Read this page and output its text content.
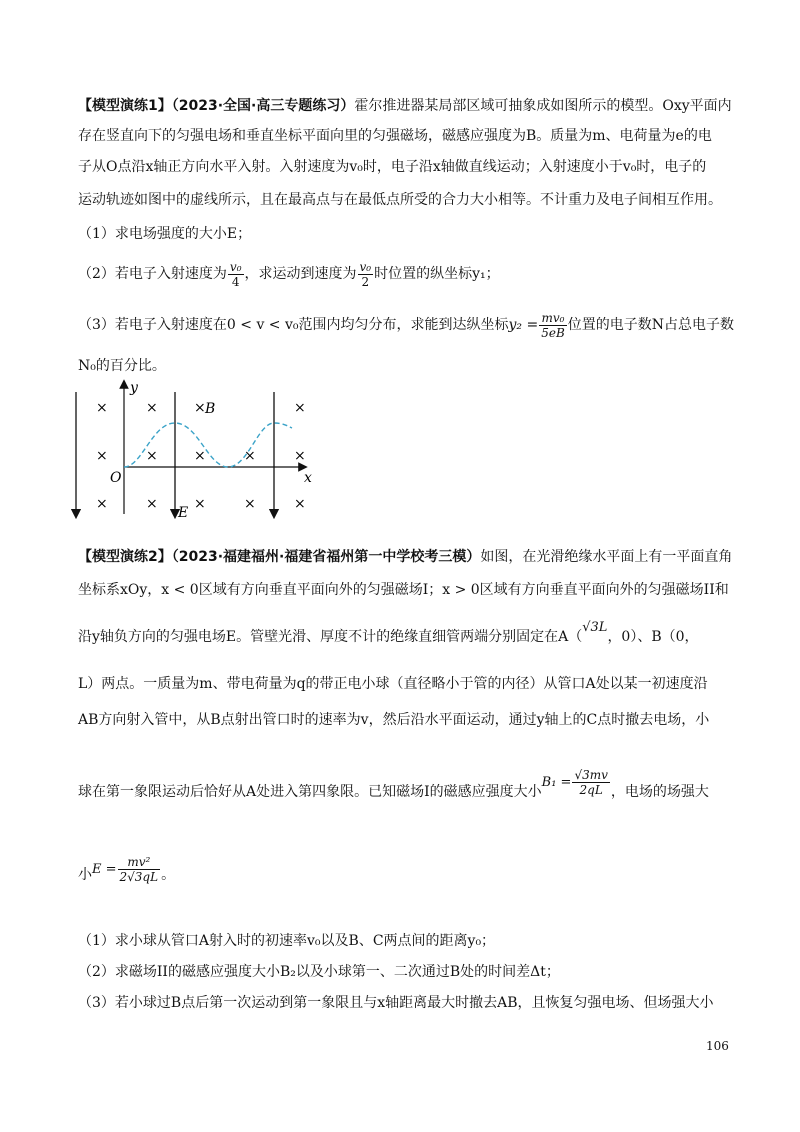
【模型演练1】（2023·全国·高三专题练习）霍尔推进器某局部区域可抽象成如图所示的模型。Oxy平面内
存在竖直向下的匀强电场和垂直坐标平面向里的匀强磁场，磁感应强度为B。质量为m、电荷量为e的电
子从O点沿x轴正方向水平入射。入射速度为v₀时，电子沿x轴做直线运动；入射速度小于v₀时，电子的
运动轨迹如图中的虚线所示，且在最高点与在最低点所受的合力大小相等。不计重力及电子间相互作用。
（1）求电场强度的大小E；
（2）若电子入射速度为 $\frac{\text{v₀}}{4}$ ，求运动到速度为 $\frac{\text{v₀}}{2}$ 时位置的纵坐标y₁；
（3）若电子入射速度在0 < v < v₀范围内均匀分布，求能到达纵坐标$y_2 = \frac{\text{mv₀}}{5eB}$ 位置的电子数N占总电子数
N₀的百分比。
×	×	×	×
×	×	×	×	×
×	×	×	×	×
y
x
O
B
E
【模型演练2】（2023·福建福州·福建省福州第一中学校考三模）如图，在光滑绝缘水平面上有一平面直角
坐标系xOy，x < 0区域有方向垂直平面向外的匀强磁场I；x > 0区域有方向垂直平面向外的匀强磁场II和
沿y轴负方向的匀强电场E。管壁光滑、厚度不计的绝缘直细管两端分别固定在A（√3L，0）、B（0，
L）两点。一质量为m、带电荷量为q的带正电小球（直径略小于管的内径）从管口A处以某一初速度沿
AB方向射入管中，从B点射出管口时的速率为v，然后沿水平面运动，通过y轴上的C点时撤去电场，小
球在第一象限运动后恰好从A处进入第四象限。已知磁场I的磁感应强度大小$B_1 = \frac{√3mv}{2qL}$ ，电场的场强大
小$E = \frac{\text{mv²}}{2√3qL}$ 。
（1）求小球从管口A射入时的初速率v₀以及B、C两点间的距离y₀；
（2）求磁场II的磁感应强度大小B₂以及小球第一、二次通过B处的时间差Δt；
（3）若小球过B点后第一次运动到第一象限且与x轴距离最大时撤去AB，且恢复匀强电场、但场强大小
106
